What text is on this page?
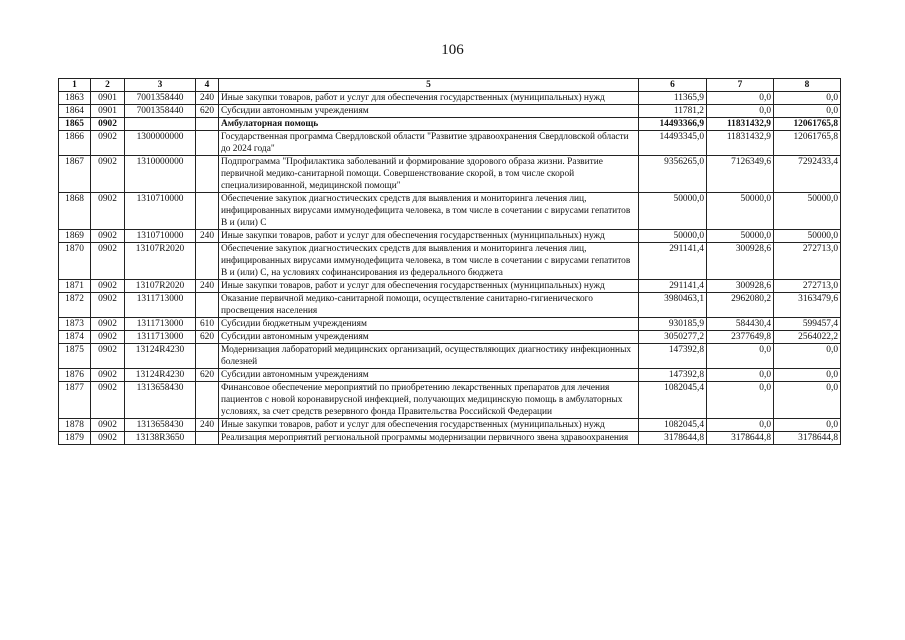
106
1	2	3	4	5	6	7	8
1863	0901	7001358440	240	Иные закупки товаров, работ и услуг для обеспечения государственных (муниципальных) нужд	11365,9	0,0	0,0
1864	0901	7001358440	620	Субсидии автономным учреждениям	11781,2	0,0	0,0
1865	0902			Амбулаторная помощь	14493366,9	11831432,9	12061765,8
1866	0902	1300000000		Государственная программа Свердловской области "Развитие здравоохранения Свердловской области до 2024 года"	14493345,0	11831432,9	12061765,8
1867	0902	1310000000		Подпрограмма "Профилактика заболеваний и формирование здорового образа жизни. Развитие первичной медико-санитарной помощи. Совершенствование скорой, в том числе скорой специализированной, медицинской помощи"	9356265,0	7126349,6	7292433,4
1868	0902	1310710000		Обеспечение закупок диагностических средств для выявления и мониторинга лечения лиц, инфицированных вирусами иммунодефицита человека, в том числе в сочетании с вирусами гепатитов B и (или) C	50000,0	50000,0	50000,0
1869	0902	1310710000	240	Иные закупки товаров, работ и услуг для обеспечения государственных (муниципальных) нужд	50000,0	50000,0	50000,0
1870	0902	13107R2020		Обеспечение закупок диагностических средств для выявления и мониторинга лечения лиц, инфицированных вирусами иммунодефицита человека, в том числе в сочетании с вирусами гепатитов B и (или) C, на условиях софинансирования из федерального бюджета	291141,4	300928,6	272713,0
1871	0902	13107R2020	240	Иные закупки товаров, работ и услуг для обеспечения государственных (муниципальных) нужд	291141,4	300928,6	272713,0
1872	0902	1311713000		Оказание первичной медико-санитарной помощи, осуществление санитарно-гигиенического просвещения населения	3980463,1	2962080,2	3163479,6
1873	0902	1311713000	610	Субсидии бюджетным учреждениям	930185,9	584430,4	599457,4
1874	0902	1311713000	620	Субсидии автономным учреждениям	3050277,2	2377649,8	2564022,2
1875	0902	13124R4230		Модернизация лабораторий медицинских организаций, осуществляющих диагностику инфекционных болезней	147392,8	0,0	0,0
1876	0902	13124R4230	620	Субсидии автономным учреждениям	147392,8	0,0	0,0
1877	0902	1313658430		Финансовое обеспечение мероприятий по приобретению лекарственных препаратов для лечения пациентов с новой коронавирусной инфекцией, получающих медицинскую помощь в амбулаторных условиях, за счет средств резервного фонда Правительства Российской Федерации	1082045,4	0,0	0,0
1878	0902	1313658430	240	Иные закупки товаров, работ и услуг для обеспечения государственных (муниципальных) нужд	1082045,4	0,0	0,0
1879	0902	13138R3650		Реализация мероприятий региональной программы модернизации первичного звена здравоохранения	3178644,8	3178644,8	3178644,8
